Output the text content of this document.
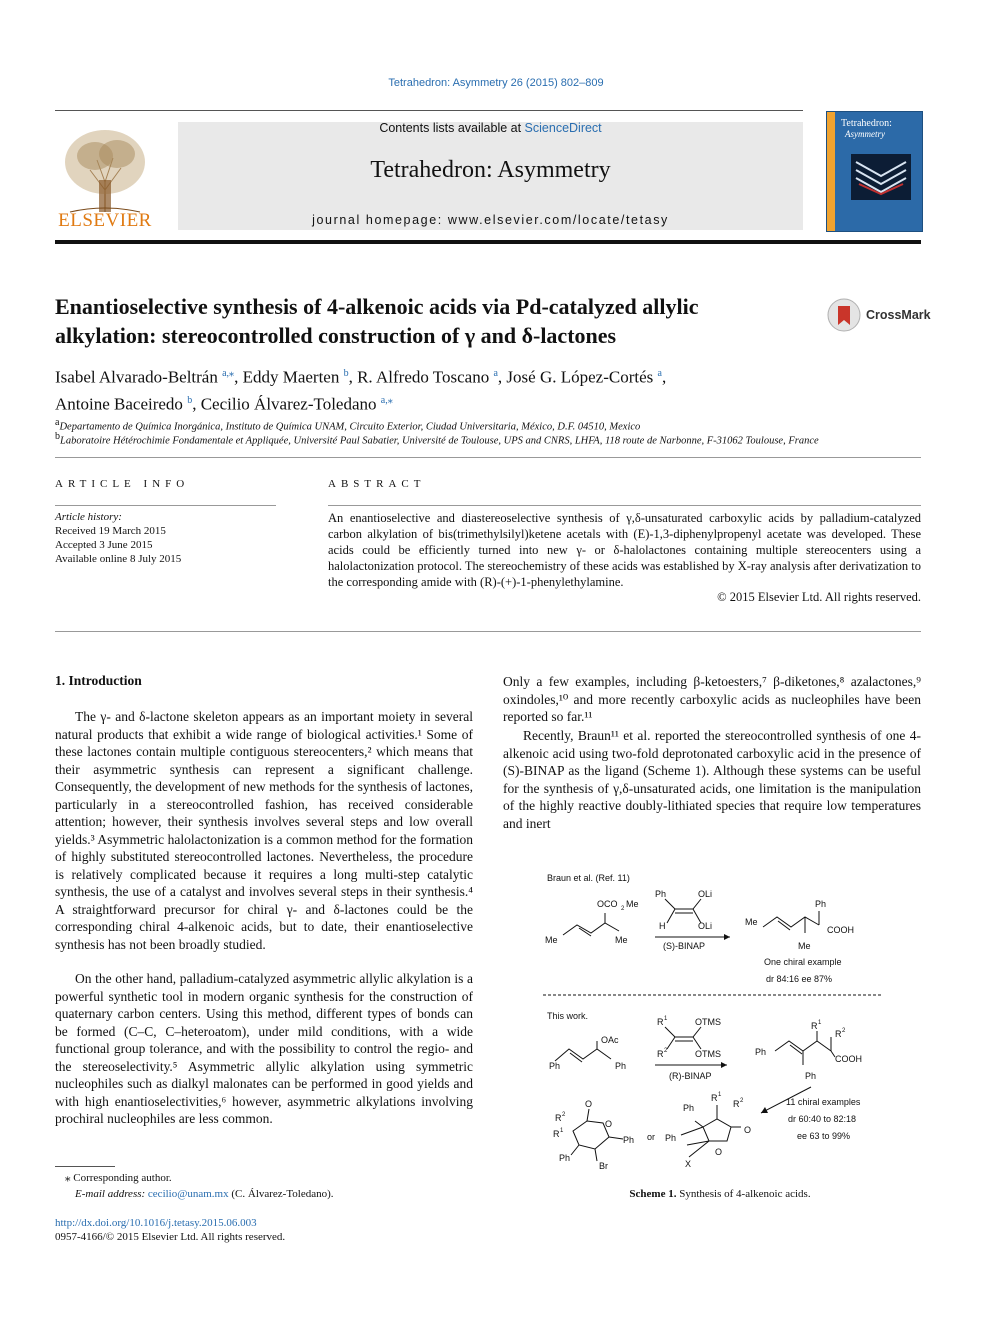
Tetrahedron: Asymmetry 26 (2015) 802–809
ELSEVIER
Contents lists available at ScienceDirect
Tetrahedron: Asymmetry
journal homepage: www.elsevier.com/locate/tetasy
Tetrahedron:
Asymmetry
Enantioselective synthesis of 4-alkenoic acids via Pd-catalyzed allylic
alkylation: stereocontrolled construction of γ and δ-lactones
CrossMark
Isabel Alvarado-Beltrán $^{a,⁎}$, Eddy Maerten $^b$, R. Alfredo Toscano $^a$, José G. López-Cortés $^a$,
Antoine Baceiredo $^b$, Cecilio Álvarez-Toledano $^{a,⁎}$
$^a$Departamento de Química Inorgánica, Instituto de Química UNAM, Circuito Exterior, Ciudad Universitaria, México, D.F. 04510, Mexico
$^b$Laboratoire Hétérochimie Fondamentale et Appliquée, Université Paul Sabatier, Université de Toulouse, UPS and CNRS, LHFA, 118 route de Narbonne, F-31062 Toulouse, France
ARTICLE INFO
Article history:
Received 19 March 2015
Accepted 3 June 2015
Available online 8 July 2015
ABSTRACT
An enantioselective and diastereoselective synthesis of γ,δ-unsaturated carboxylic acids by palladium-catalyzed carbon alkylation of bis(trimethylsilyl)ketene acetals with (E)-1,3-diphenylpropenyl acetate was developed. These acids could be efficiently turned into new γ- or δ-halolactones containing multiple stereocenters using a halolactonization protocol. The stereochemistry of these acids was established by X-ray analysis after derivatization to the corresponding amide with (R)-(+)-1-phenylethylamine.
© 2015 Elsevier Ltd. All rights reserved.
1. Introduction
The γ- and δ-lactone skeleton appears as an important moiety in several natural products that exhibit a wide range of biological activities.¹ Some of these lactones contain multiple contiguous stereocenters,² which means that their asymmetric synthesis can represent a significant challenge. Consequently, the development of new methods for the synthesis of lactones, particularly in a stereocontrolled fashion, has received considerable attention; however, their synthesis involves several steps and low overall yields.³ Asymmetric halolactonization is a common method for the formation of highly substituted stereocontrolled lactones. Nevertheless, the procedure is relatively complicated because it requires a long multi-step catalytic synthesis, the use of a catalyst and involves several steps in their synthesis.⁴ A straightforward precursor for chiral γ- and δ-lactones could be the corresponding chiral 4-alkenoic acids, but to date, their enantioselective synthesis has not been broadly studied.
On the other hand, palladium-catalyzed asymmetric allylic alkylation is a powerful synthetic tool in modern organic synthesis for the construction of quaternary carbon centers. Using this method, different types of bonds can be formed (C–C, C–heteroatom), under mild conditions, with a wide functional group tolerance, and with the possibility to control the regio- and the stereoselectivity.⁵ Asymmetric allylic alkylation using symmetric nucleophiles such as dialkyl malonates can be performed in good yields and with high enantioselectivities,⁶ however, asymmetric alkylations involving prochiral nucleophiles are less common.
⁎ Corresponding author.
E-mail address: cecilio@unam.mx (C. Álvarez-Toledano).
http://dx.doi.org/10.1016/j.tetasy.2015.06.003
0957-4166/© 2015 Elsevier Ltd. All rights reserved.
Only a few examples, including β-ketoesters,⁷ β-diketones,⁸ azalactones,⁹ oxindoles,¹⁰ and more recently carboxylic acids as nucleophiles have been reported so far.¹¹
Recently, Braun¹¹ et al. reported the stereocontrolled synthesis of one 4-alkenoic acid using two-fold deprotonated carboxylic acid in the presence of (S)-BINAP as the ligand (Scheme 1). Although these systems can be useful for the synthesis of γ,δ-unsaturated acids, one limitation is the manipulation of the highly reactive doubly-lithiated species that require low temperatures and inert
Braun et al. (Ref. 11)
Me
OCO 2 Me
Me
Ph	OLi
H	OLi
(S)-BINAP
Me
Ph
COOH
Me
One chiral example
dr 84:16 ee 87%
This work.
OAc
Ph	Ph
R 1	OTMS
R 2	OTMS
(R)-BINAP
Ph
R 1
R 2
COOH
Ph
11 chiral examples
dr 60:40 to 82:18
ee 63 to 99%
O
O
R 2
R 1
Ph
Ph
Br
or
Ph
R 1
R 2
O
O
Ph
X
Scheme 1. Synthesis of 4-alkenoic acids.
